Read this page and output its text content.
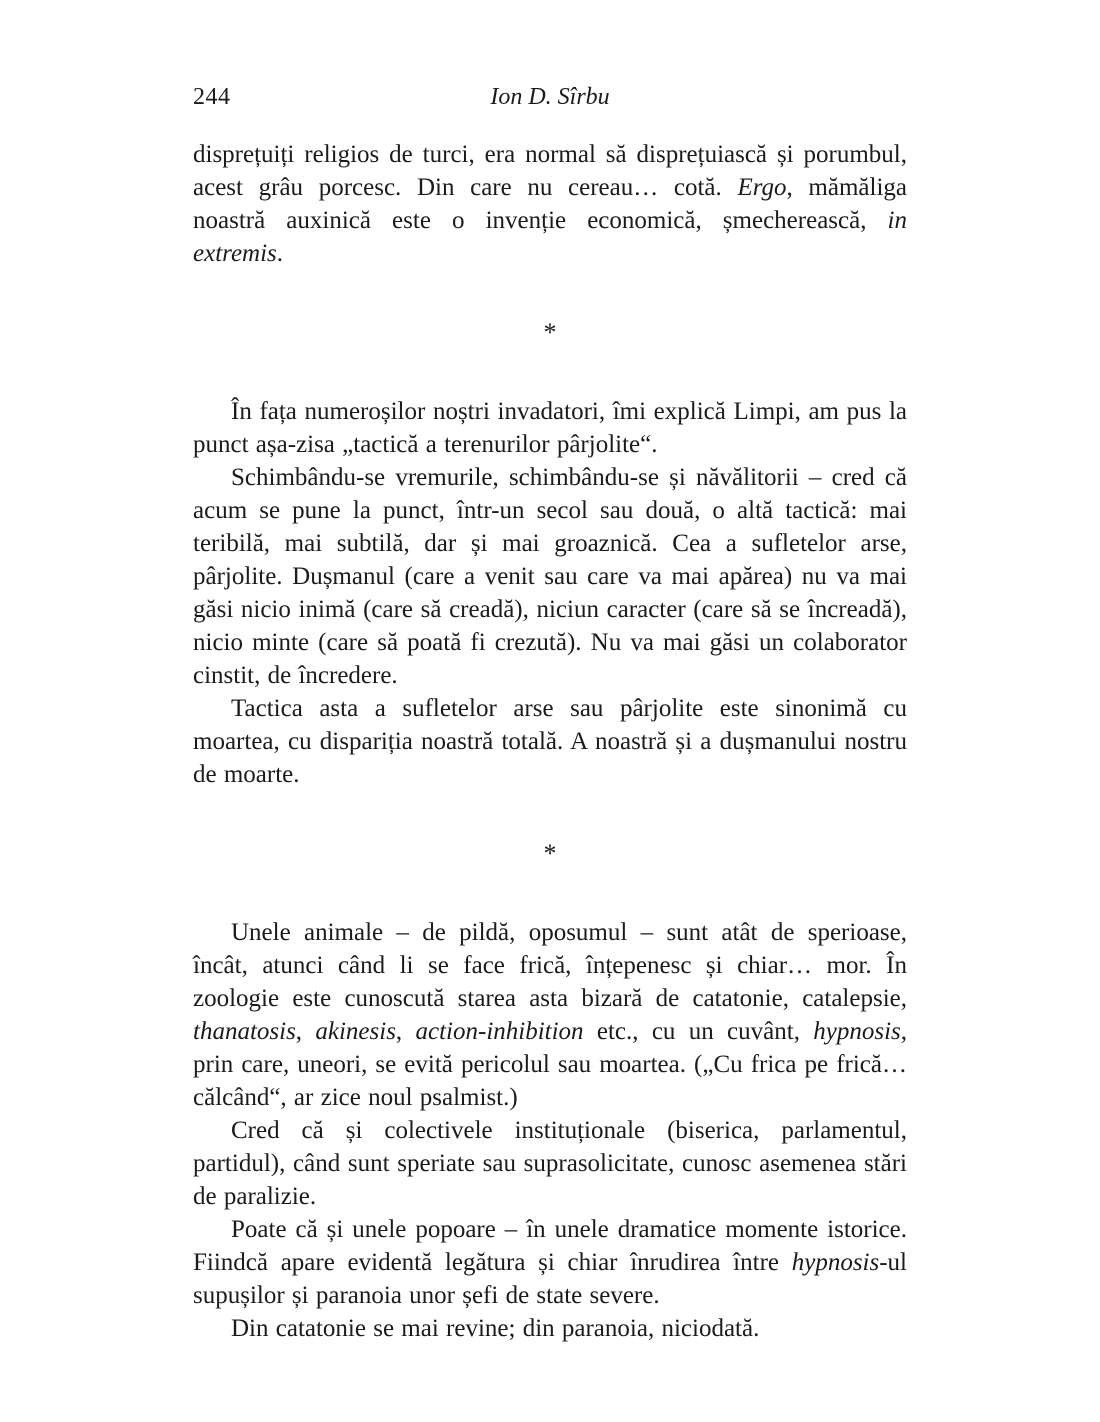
244	Ion D. Sîrbu

disprețuiți religios de turci, era normal să disprețuiască și porumbul, acest grâu porcesc. Din care nu cereau… cotă. Ergo, mămăliga noastră auxinică este o invenție economică, șmecherească, in extremis.

*

În fața numeroșilor noștri invadatori, îmi explică Limpi, am pus la punct așa-zisa „tactică a terenurilor pârjolite“.

Schimbându-se vremurile, schimbându-se și năvălitorii – cred că acum se pune la punct, într-un secol sau două, o altă tactică: mai teribilă, mai subtilă, dar și mai groaznică. Cea a sufletelor arse, pârjolite. Dușmanul (care a venit sau care va mai apărea) nu va mai găsi nicio inimă (care să creadă), niciun caracter (care să se încreadă), nicio minte (care să poată fi crezută). Nu va mai găsi un colaborator cinstit, de încredere.

Tactica asta a sufletelor arse sau pârjolite este sinonimă cu moartea, cu dispariția noastră totală. A noastră și a dușmanului nostru de moarte.

*

Unele animale – de pildă, oposumul – sunt atât de sperioase, încât, atunci când li se face frică, înțepenesc și chiar… mor. În zoologie este cunoscută starea asta bizară de catatonie, catalepsie, thanatosis, akinesis, action-inhibition etc., cu un cuvânt, hypnosis, prin care, uneori, se evită pericolul sau moartea. („Cu frica pe frică… călcând“, ar zice noul psalmist.)

Cred că și colectivele instituționale (biserica, parlamentul, partidul), când sunt speriate sau suprasolicitate, cunosc asemenea stări de paralizie.

Poate că și unele popoare – în unele dramatice momente istorice. Fiindcă apare evidentă legătura și chiar înrudirea între hypnosis-ul supușilor și paranoia unor șefi de state severe.

Din catatonie se mai revine; din paranoia, niciodată.
